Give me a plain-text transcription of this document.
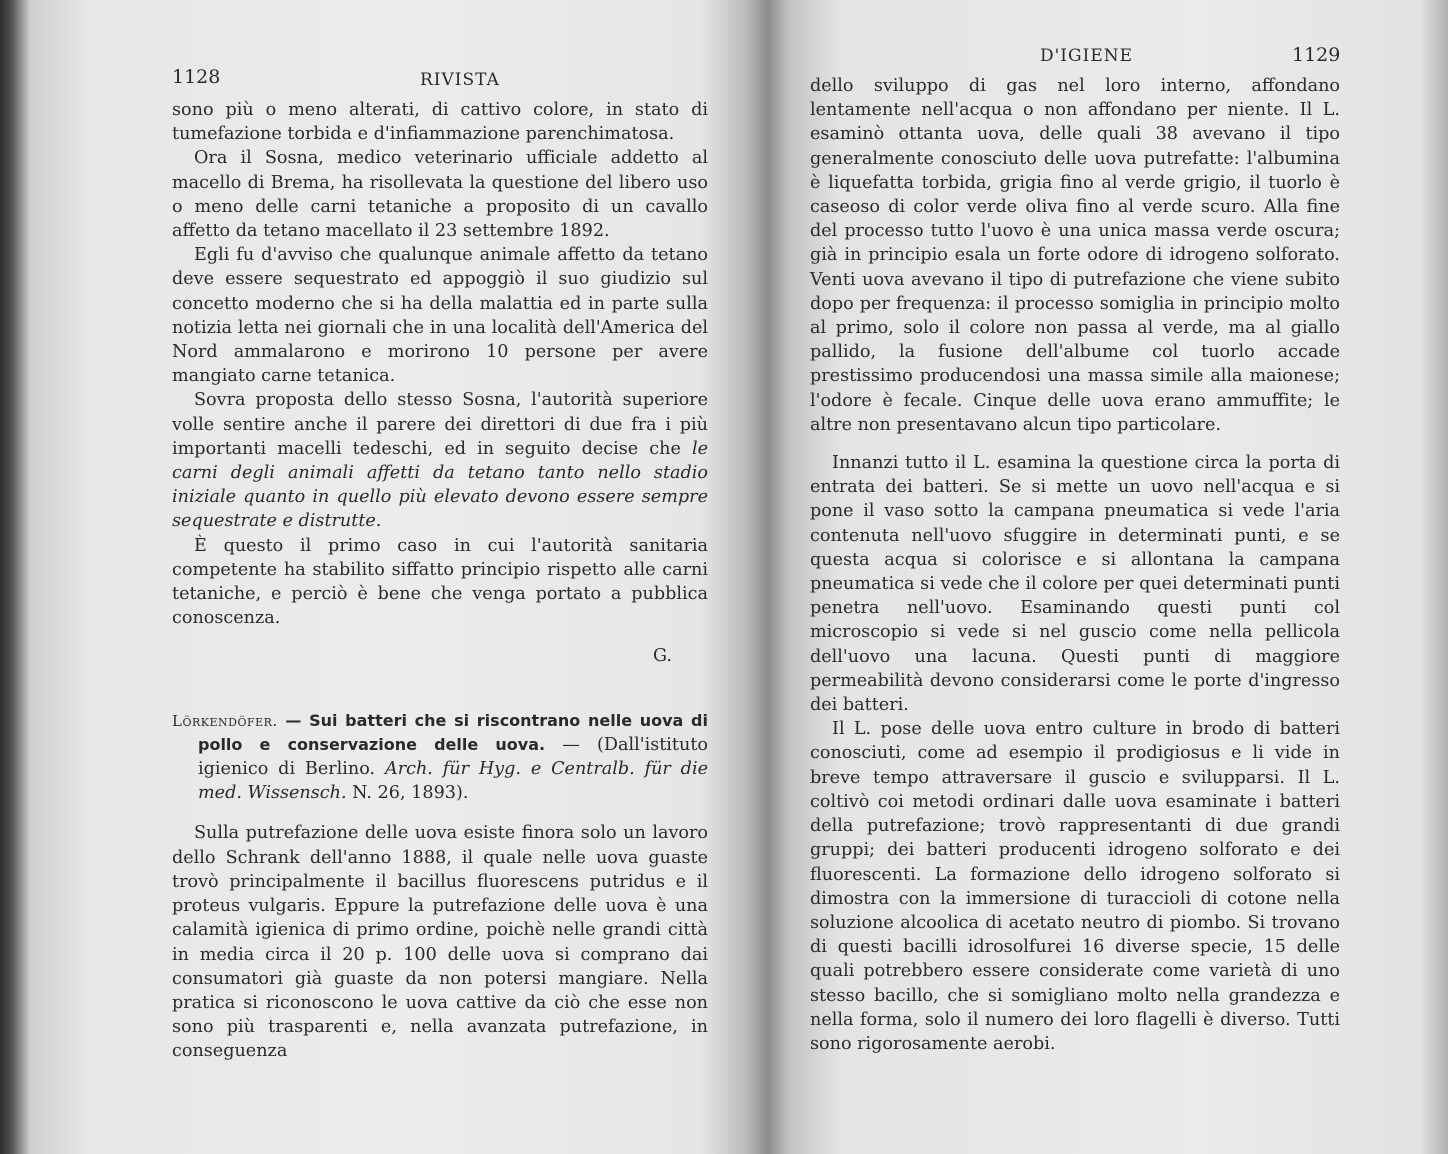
1128	RIVISTA

sono più o meno alterati, di cattivo colore, in stato di tumefazione torbida e d'infiammazione parenchimatosa.

Ora il Sosna, medico veterinario ufficiale addetto al macello di Brema, ha risollevata la questione del libero uso o meno delle carni tetaniche a proposito di un cavallo affetto da tetano macellato il 23 settembre 1892.

Egli fu d'avviso che qualunque animale affetto da tetano deve essere sequestrato ed appoggiò il suo giudizio sul concetto moderno che si ha della malattia ed in parte sulla notizia letta nei giornali che in una località dell'America del Nord ammalarono e morirono 10 persone per avere mangiato carne tetanica.

Sovra proposta dello stesso Sosna, l'autorità superiore volle sentire anche il parere dei direttori di due fra i più importanti macelli tedeschi, ed in seguito decise che le carni degli animali affetti da tetano tanto nello stadio iniziale quanto in quello più elevato devono essere sempre sequestrate e distrutte.

È questo il primo caso in cui l'autorità sanitaria competente ha stabilito siffatto principio rispetto alle carni tetaniche, e perciò è bene che venga portato a pubblica conoscenza.

G.

Lörkendöfer. — Sui batteri che si riscontrano nelle uova di pollo e conservazione delle uova. — (Dall'istituto igienico di Berlino. Arch. für Hyg. e Centralb. für die med. Wissensch. N. 26, 1893).

Sulla putrefazione delle uova esiste finora solo un lavoro dello Schrank dell'anno 1888, il quale nelle uova guaste trovò principalmente il bacillus fluorescens putridus e il proteus vulgaris. Eppure la putrefazione delle uova è una calamità igienica di primo ordine, poichè nelle grandi città in media circa il 20 p. 100 delle uova si comprano dai consumatori già guaste da non potersi mangiare. Nella pratica si riconoscono le uova cattive da ciò che esse non sono più trasparenti e, nella avanzata putrefazione, in conseguenza

D'IGIENE	1129

dello sviluppo di gas nel loro interno, affondano lentamente nell'acqua o non affondano per niente. Il L. esaminò ottanta uova, delle quali 38 avevano il tipo generalmente conosciuto delle uova putrefatte: l'albumina è liquefatta torbida, grigia fino al verde grigio, il tuorlo è caseoso di color verde oliva fino al verde scuro. Alla fine del processo tutto l'uovo è una unica massa verde oscura; già in principio esala un forte odore di idrogeno solforato. Venti uova avevano il tipo di putrefazione che viene subito dopo per frequenza: il processo somiglia in principio molto al primo, solo il colore non passa al verde, ma al giallo pallido, la fusione dell'albume col tuorlo accade prestissimo producendosi una massa simile alla maionese; l'odore è fecale. Cinque delle uova erano ammuffite; le altre non presentavano alcun tipo particolare.

Innanzi tutto il L. esamina la questione circa la porta di entrata dei batteri. Se si mette un uovo nell'acqua e si pone il vaso sotto la campana pneumatica si vede l'aria contenuta nell'uovo sfuggire in determinati punti, e se questa acqua si colorisce e si allontana la campana pneumatica si vede che il colore per quei determinati punti penetra nell'uovo. Esaminando questi punti col microscopio si vede si nel guscio come nella pellicola dell'uovo una lacuna. Questi punti di maggiore permeabilità devono considerarsi come le porte d'ingresso dei batteri.

Il L. pose delle uova entro culture in brodo di batteri conosciuti, come ad esempio il prodigiosus e li vide in breve tempo attraversare il guscio e svilupparsi. Il L. coltivò coi metodi ordinari dalle uova esaminate i batteri della putrefazione; trovò rappresentanti di due grandi gruppi; dei batteri producenti idrogeno solforato e dei fluorescenti. La formazione dello idrogeno solforato si dimostra con la immersione di turaccioli di cotone nella soluzione alcoolica di acetato neutro di piombo. Si trovano di questi bacilli idrosolfurei 16 diverse specie, 15 delle quali potrebbero essere considerate come varietà di uno stesso bacillo, che si somigliano molto nella grandezza e nella forma, solo il numero dei loro flagelli è diverso. Tutti sono rigorosamente aerobi.
